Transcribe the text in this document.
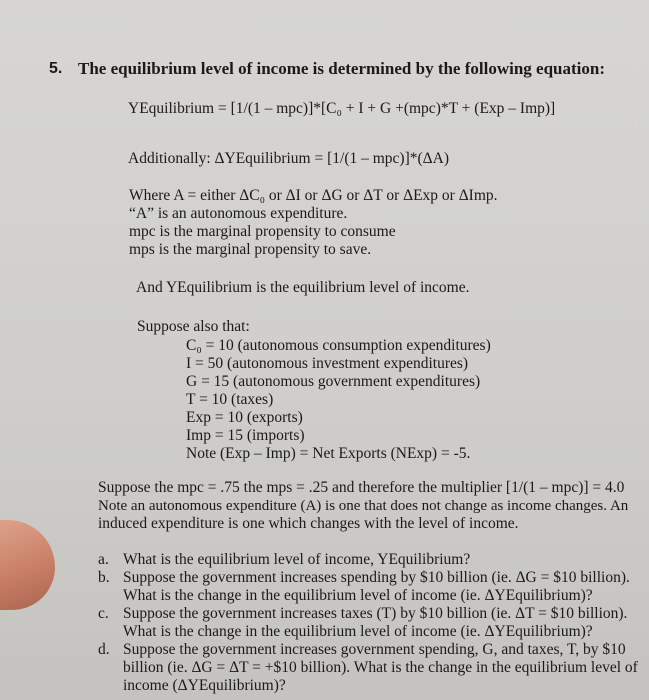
5. The equilibrium level of income is determined by the following equation:
YEquilibrium = [1/(1 – mpc)]*[C₀ + I + G +(mpc)*T + (Exp – Imp)]
Additionally: ΔYEquilibrium = [1/(1 – mpc)]*(ΔA)
Where A = either ΔC₀ or ΔI or ΔG or ΔT or ΔExp or ΔImp.
“A” is an autonomous expenditure.
mpc is the marginal propensity to consume
mps is the marginal propensity to save.
And YEquilibrium is the equilibrium level of income.
Suppose also that:
C₀ = 10 (autonomous consumption expenditures)
I = 50 (autonomous investment expenditures)
G = 15 (autonomous government expenditures)
T = 10 (taxes)
Exp = 10 (exports)
Imp = 15 (imports)
Note (Exp – Imp) = Net Exports (NExp) = -5.
Suppose the mpc = .75 the mps = .25 and therefore the multiplier [1/(1 – mpc)] = 4.0
Note an autonomous expenditure (A) is one that does not change as income changes. An
induced expenditure is one which changes with the level of income.
a. What is the equilibrium level of income, YEquilibrium?
b. Suppose the government increases spending by $10 billion (ie. ΔG = $10 billion).
What is the change in the equilibrium level of income (ie. ΔYEquilibrium)?
c. Suppose the government increases taxes (T) by $10 billion (ie. ΔT = $10 billion).
What is the change in the equilibrium level of income (ie. ΔYEquilibrium)?
d. Suppose the government increases government spending, G, and taxes, T, by $10
billion (ie. ΔG = ΔT = +$10 billion). What is the change in the equilibrium level of
income (ΔYEquilibrium)?
